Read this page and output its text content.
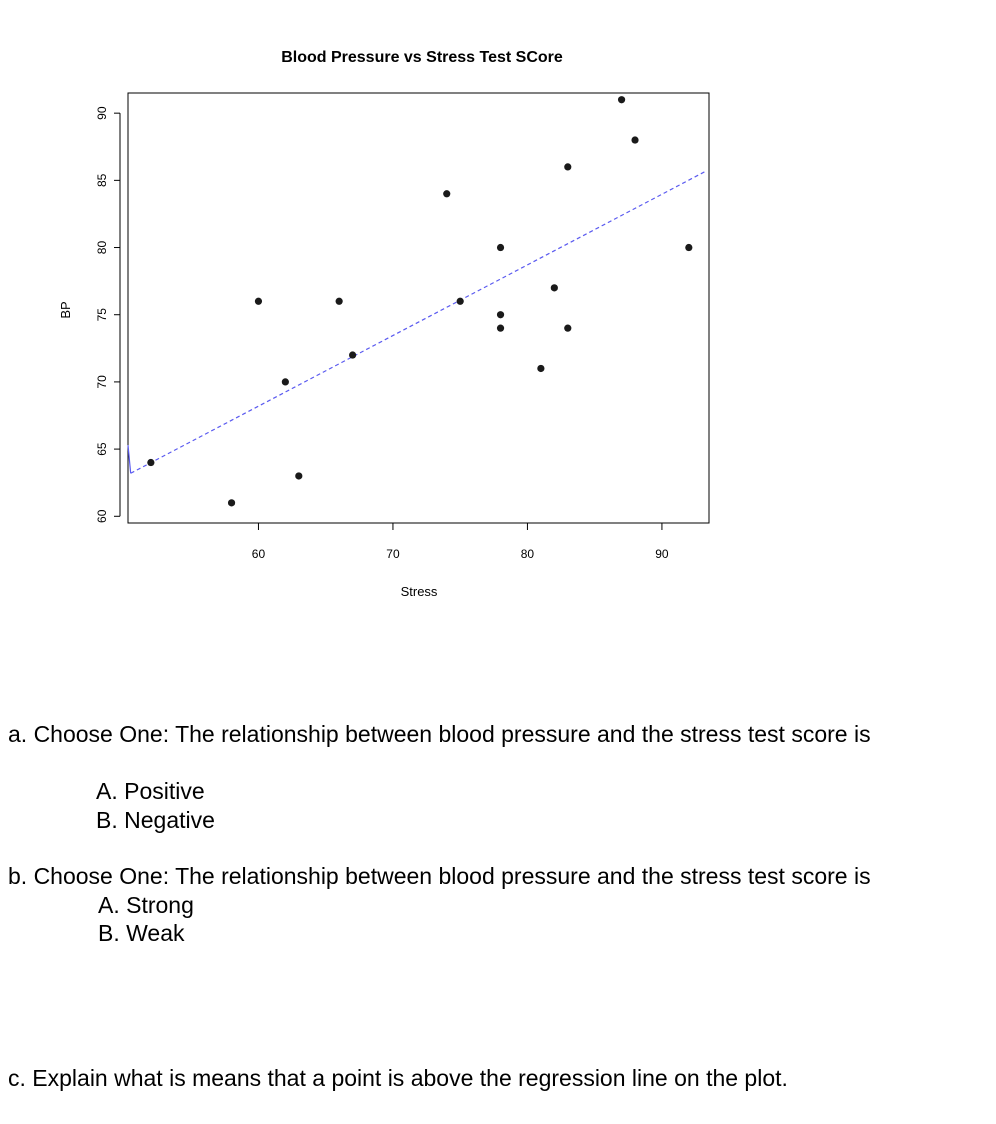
Blood Pressure vs Stress Test SCore
60
65
70
75
80
85
90
60	70	80	90
Stress
BP

a. Choose One: The relationship between blood pressure and the stress test score is

A. Positive

B. Negative

b. Choose One: The relationship between blood pressure and the stress test score is

A. Strong

B. Weak

c. Explain what is means that a point is above the regression line on the plot.
